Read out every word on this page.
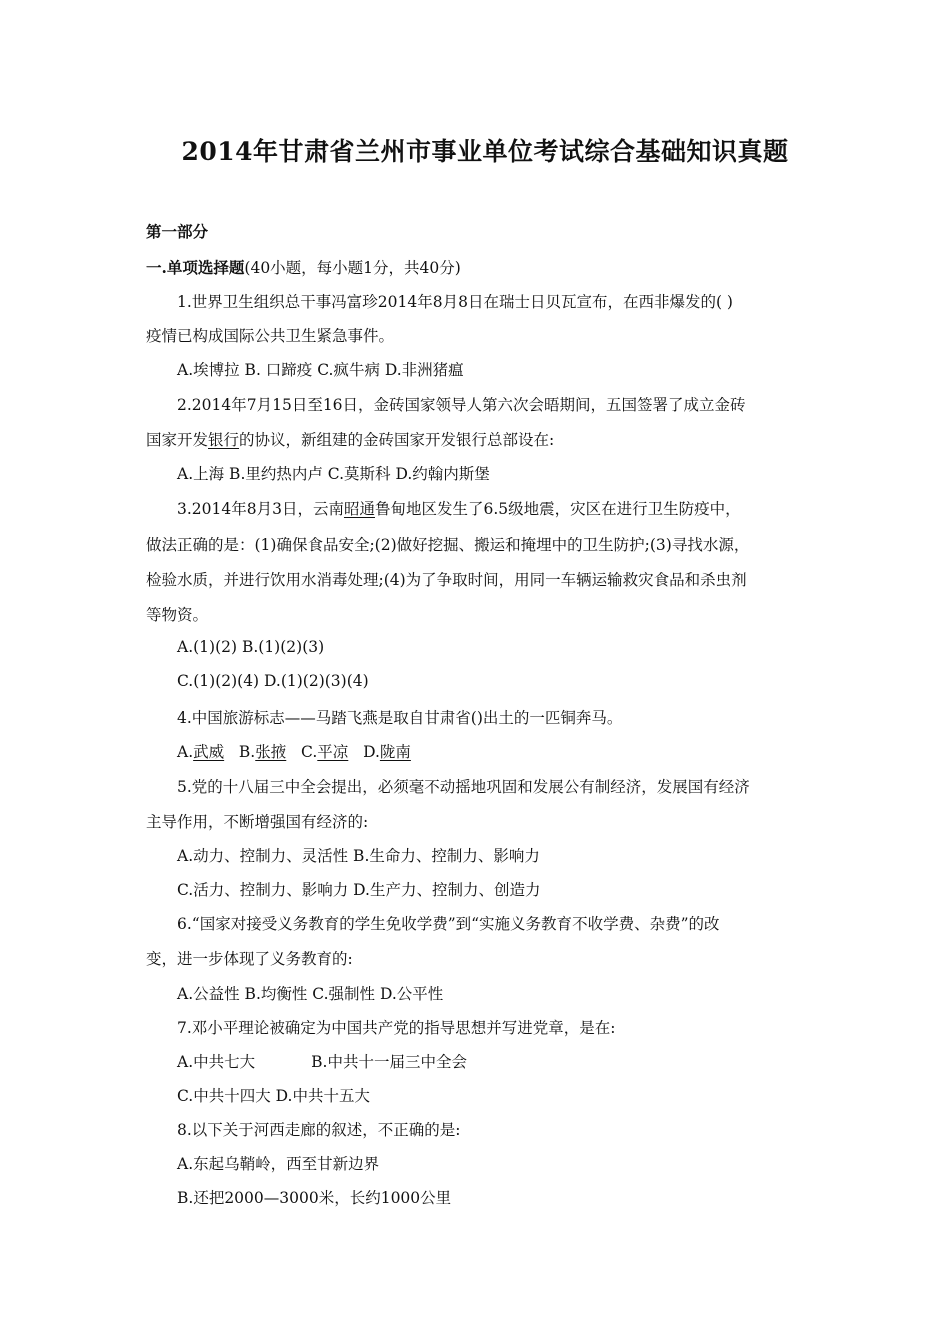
2014年甘肃省兰州市事业单位考试综合基础知识真题
第一部分
一.单项选择题(40小题，每小题1分，共40分)
1.世界卫生组织总干事冯富珍2014年8月8日在瑞士日贝瓦宣布，在西非爆发的( )
疫情已构成国际公共卫生紧急事件。
A.埃博拉 B. 口蹄疫 C.疯牛病 D.非洲猪瘟
2.2014年7月15日至16日，金砖国家领导人第六次会晤期间，五国签署了成立金砖
国家开发银行的协议，新组建的金砖国家开发银行总部设在:
A.上海 B.里约热内卢 C.莫斯科 D.约翰内斯堡
3.2014年8月3日，云南昭通鲁甸地区发生了6.5级地震，灾区在进行卫生防疫中，
做法正确的是：(1)确保食品安全;(2)做好挖掘、搬运和掩埋中的卫生防护;(3)寻找水源，
检验水质，并进行饮用水消毒处理;(4)为了争取时间，用同一车辆运输救灾食品和杀虫剂
等物资。
A.(1)(2) B.(1)(2)(3)
C.(1)(2)(4) D.(1)(2)(3)(4)
4.中国旅游标志——马踏飞燕是取自甘肃省()出土的一匹铜奔马。
A.武威   B.张掖   C.平凉   D.陇南
5.党的十八届三中全会提出，必须毫不动摇地巩固和发展公有制经济，发展国有经济
主导作用，不断增强国有经济的:
A.动力、控制力、灵活性 B.生命力、控制力、影响力
C.活力、控制力、影响力 D.生产力、控制力、创造力
6.“国家对接受义务教育的学生免收学费”到“实施义务教育不收学费、杂费”的改
变，进一步体现了义务教育的:
A.公益性 B.均衡性 C.强制性 D.公平性
7.邓小平理论被确定为中国共产党的指导思想并写进党章，是在:
A.中共七大	B.中共十一届三中全会
C.中共十四大 D.中共十五大
8.以下关于河西走廊的叙述，不正确的是:
A.东起乌鞘岭，西至甘新边界
B.还把2000—3000米，长约1000公里
